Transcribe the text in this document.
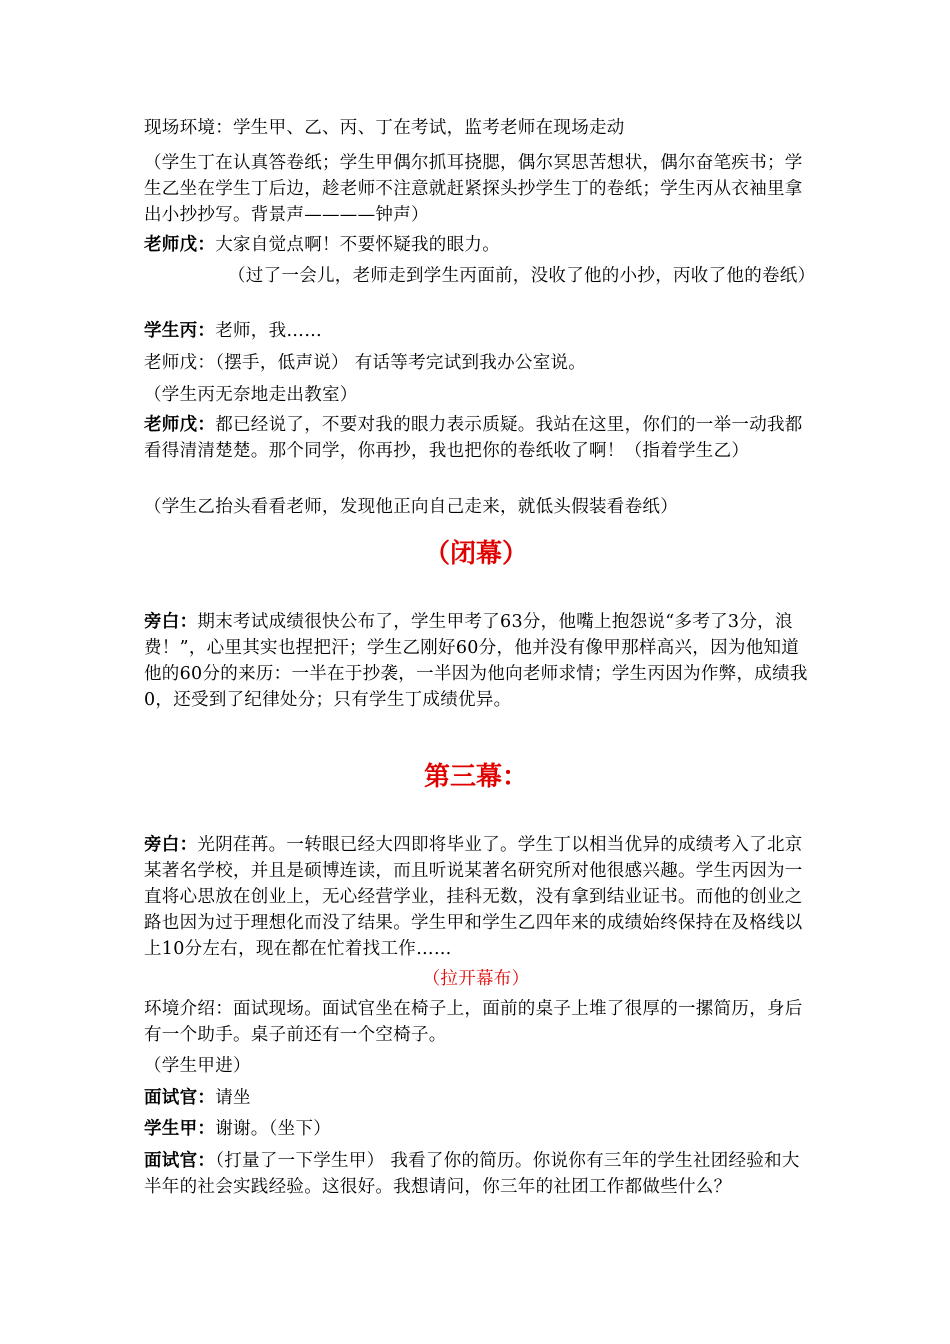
现场环境：学生甲、乙、丙、丁在考试，监考老师在现场走动

（学生丁在认真答卷纸；学生甲偶尔抓耳挠腮，偶尔冥思苦想状，偶尔奋笔疾书；学生乙坐在学生丁后边，趁老师不注意就赶紧探头抄学生丁的卷纸；学生丙从衣袖里拿出小抄抄写。背景声————钟声）

老师戊：大家自觉点啊！不要怀疑我的眼力。

（过了一会儿，老师走到学生丙面前，没收了他的小抄，丙收了他的卷纸）

学生丙：老师，我……

老师戊：（摆手，低声说） 有话等考完试到我办公室说。

（学生丙无奈地走出教室）

老师戊：都已经说了，不要对我的眼力表示质疑。我站在这里，你们的一举一动我都看得清清楚楚。那个同学，你再抄，我也把你的卷纸收了啊！（指着学生乙）

（学生乙抬头看看老师，发现他正向自己走来，就低头假装看卷纸）

（闭幕）

旁白：期末考试成绩很快公布了，学生甲考了63分，他嘴上抱怨说“多考了3分，浪费！”，心里其实也捏把汗；学生乙刚好60分，他并没有像甲那样高兴，因为他知道他的60分的来历：一半在于抄袭，一半因为他向老师求情；学生丙因为作弊，成绩我0，还受到了纪律处分；只有学生丁成绩优异。

第三幕：

旁白：光阴荏苒。一转眼已经大四即将毕业了。学生丁以相当优异的成绩考入了北京某著名学校，并且是硕博连读，而且听说某著名研究所对他很感兴趣。学生丙因为一直将心思放在创业上，无心经营学业，挂科无数，没有拿到结业证书。而他的创业之路也因为过于理想化而没了结果。学生甲和学生乙四年来的成绩始终保持在及格线以上10分左右，现在都在忙着找工作……

（拉开幕布）

环境介绍：面试现场。面试官坐在椅子上，面前的桌子上堆了很厚的一摞简历，身后有一个助手。桌子前还有一个空椅子。

（学生甲进）

面试官：请坐

学生甲：谢谢。（坐下）

面试官：（打量了一下学生甲） 我看了你的简历。你说你有三年的学生社团经验和大半年的社会实践经验。这很好。我想请问，你三年的社团工作都做些什么？
